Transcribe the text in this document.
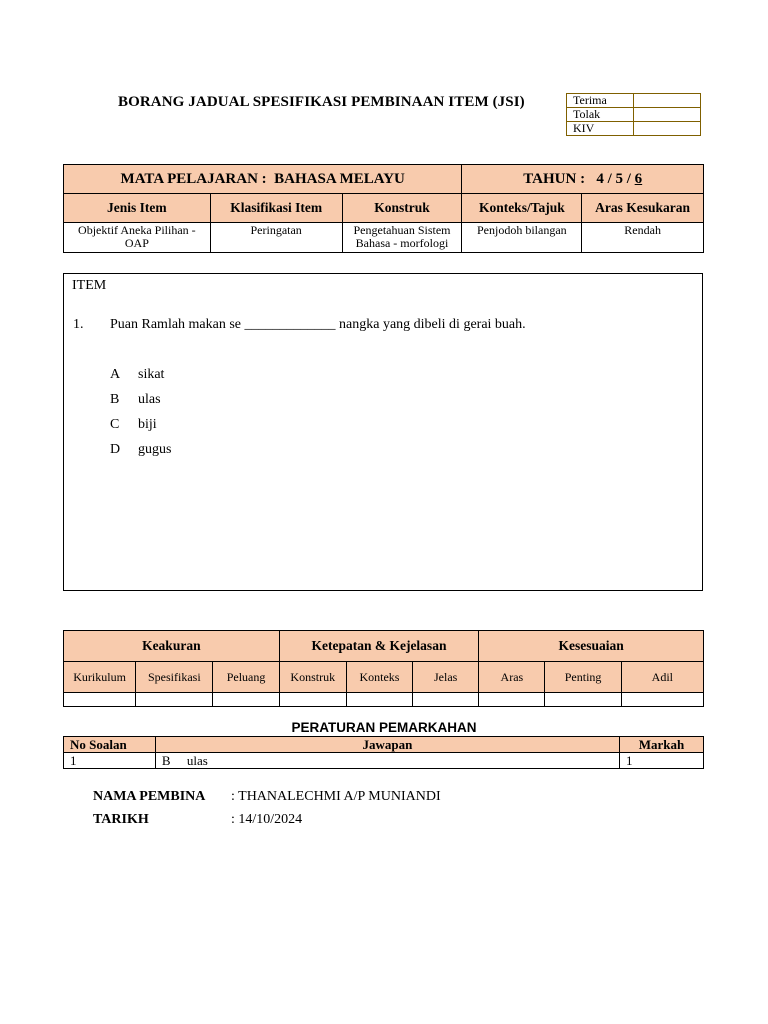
BORANG JADUAL SPESIFIKASI PEMBINAAN ITEM (JSI)	Terima	
Tolak	
KIV	
MATA PELAJARAN :  BAHASA MELAYU			TAHUN :   4 / 5 / 6	
Jenis Item	Klasifikasi Item	Konstruk	Konteks/Tajuk	Aras Kesukaran
Objektif Aneka Pilihan - OAP	Peringatan	Pengetahuan Sistem Bahasa - morfologi	Penjodoh bilangan	Rendah
ITEM
1. Puan Ramlah makan se _____________ nangka yang dibeli di gerai buah.
A sikat
B ulas
C biji
D gugus
Keakuran			Ketepatan & Kejelasan			Kesesuaian		
Kurikulum	Spesifikasi	Peluang	Konstruk	Konteks	Jelas	Aras	Penting	Adil

PERATURAN PEMARKAHAN
No Soalan	Jawapan	Markah
1	B     ulas	1
NAMA PEMBINA : THANALECHMI A/P MUNIANDI
TARIKH	: 14/10/2024
